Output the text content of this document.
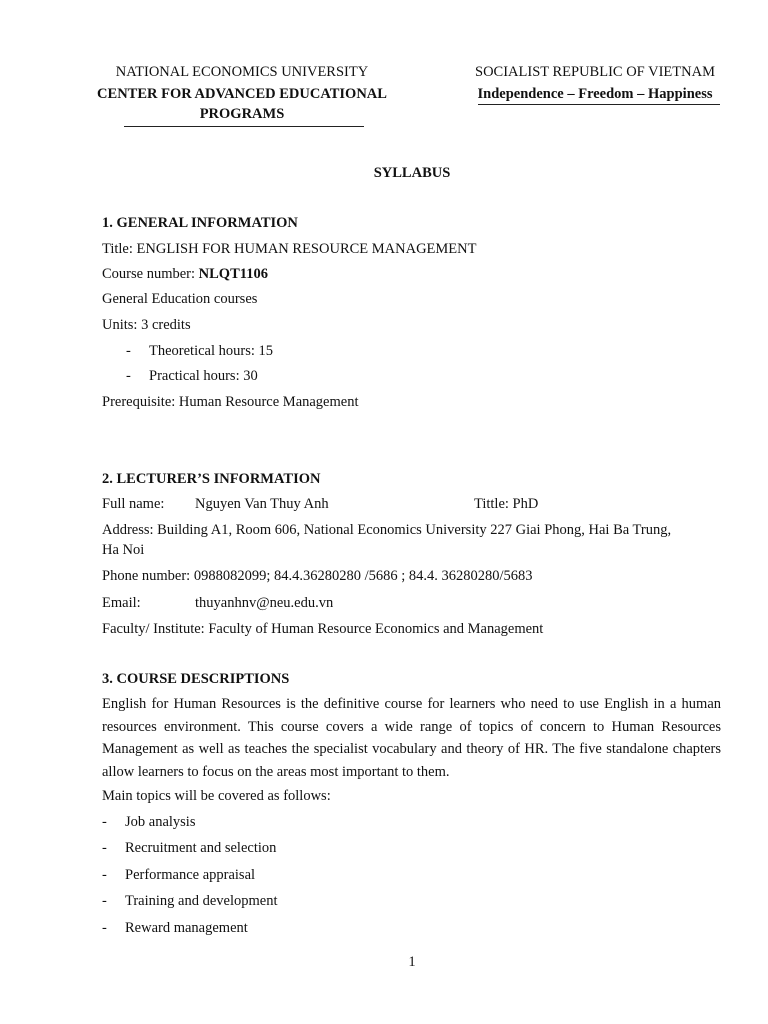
NATIONAL ECONOMICS UNIVERSITY
CENTER FOR ADVANCED EDUCATIONAL
PROGRAMS
SOCIALIST REPUBLIC OF VIETNAM
Independence – Freedom – Happiness
SYLLABUS
1. GENERAL INFORMATION
Title: ENGLISH FOR HUMAN RESOURCE MANAGEMENT
Course number: NLQT1106
General Education courses
Units: 3 credits
- Theoretical hours: 15
- Practical hours: 30
Prerequisite: Human Resource Management
2. LECTURER’S INFORMATION
Full name: Nguyen Van Thuy Anh	Tittle: PhD
Address: Building A1, Room 606, National Economics University 227 Giai Phong, Hai Ba Trung,
Ha Noi
Phone number: 0988082099; 84.4.36280280 /5686 ; 84.4. 36280280/5683
Email:	thuyanhnv@neu.edu.vn
Faculty/ Institute: Faculty of Human Resource Economics and Management
3. COURSE DESCRIPTIONS
English for Human Resources is the definitive course for learners who need to use English in a human resources environment. This course covers a wide range of topics of concern to Human Resources Management as well as teaches the specialist vocabulary and theory of HR. The five standalone chapters allow learners to focus on the areas most important to them.
Main topics will be covered as follows:
- Job analysis
- Recruitment and selection
- Performance appraisal
- Training and development
- Reward management
1
